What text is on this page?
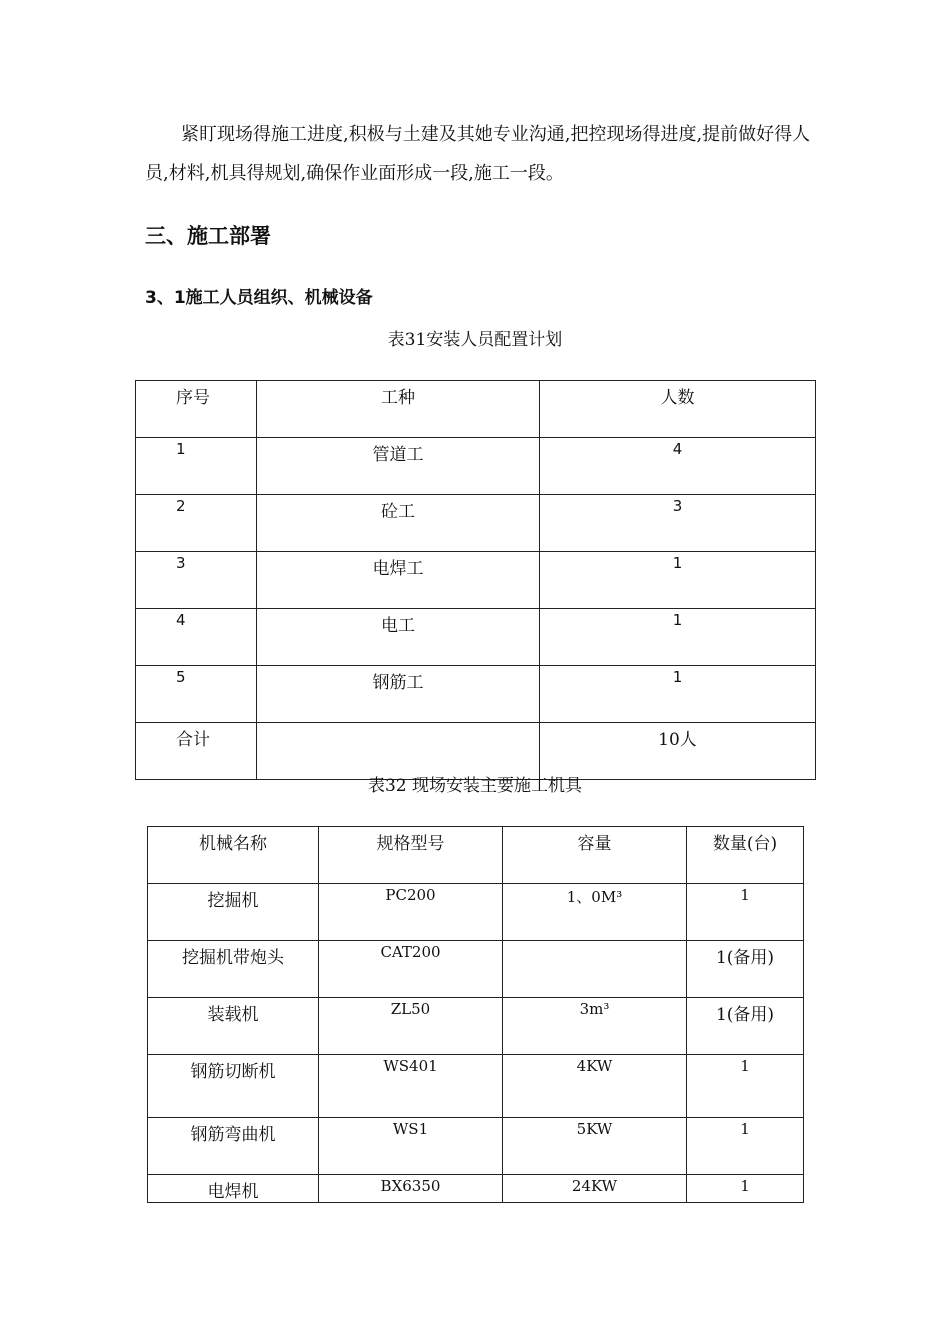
紧盯现场得施工进度,积极与土建及其她专业沟通,把控现场得进度,提前做好得人员,材料,机具得规划,确保作业面形成一段,施工一段。

三、施工部署
3、1施工人员组织、机械设备
表31安装人员配置计划
序号	工种	人数
1	管道工	4
2	砼工	3
3	电焊工	1
4	电工	1
5	钢筋工	1
合计		10人
表32 现场安装主要施工机具
机械名称	规格型号	容量	数量(台)
挖掘机	PC200	1、0M³	1
挖掘机带炮头	CAT200		1(备用)
装载机	ZL50	3m³	1(备用)
钢筋切断机	WS401	4KW	1
钢筋弯曲机	WS1	5KW	1
电焊机	BX6350	24KW	1
